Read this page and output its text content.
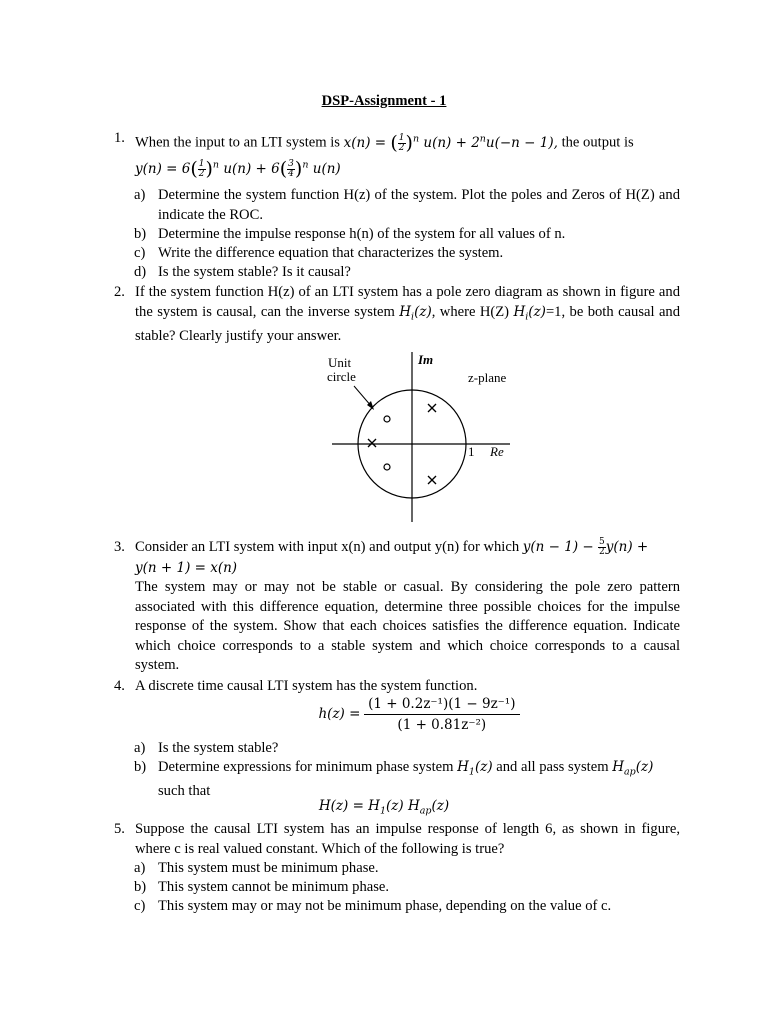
DSP-Assignment - 1
1. When the input to an LTI system is x(n) = ( $\frac{1}{2} )^n$ $u(n) + 2^nu(-n - 1)$, the output is
$y(n) = 6( \frac{1}{2} )^n$ $u(n) + 6( \frac{3}{4} )^n$ u(n)
a) Determine the system function H(z) of the system. Plot the poles and Zeros of H(Z) and indicate the ROC.
b) Determine the impulse response h(n) of the system for all values of n.
c) Write the difference equation that characterizes the system.
d) Is the system stable? Is it causal?
2. If the system function H(z) of an LTI system has a pole zero diagram as shown in figure and the system is causal, can the inverse system $H_i(z)$, where H(Z) $H_i(z)=1$, be both causal and stable? Clearly justify your answer.
Unit
circle
Im
z-plane
1 Re
3. Consider an LTI system with input x(n) and output y(n) for which $y(n - 1) - \frac{5}{2} y(n)$ +
y(n + 1) = x(n)
The system may or may not be stable or casual. By considering the pole zero pattern associated with this difference equation, determine three possible choices for the impulse response of the system. Show that each choices satisfies the difference equation. Indicate which choice corresponds to a stable system and which choice corresponds to a causal system.
4. A discrete time causal LTI system has the system function.
$h(z) = \frac{\text{(1 + 0.2z⁻¹)(1 − 9z⁻¹)}}{\text{(1 + 0.81z⁻²)}}$
a) Is the system stable?
b) Determine expressions for minimum phase system $H_1(z)$ and all pass system $H_{ap}(z)$
such that
$H(z) = H_1(z)$ $H_{ap}(z)$
5. Suppose the causal LTI system has an impulse response of length 6, as shown in figure, where c is real valued constant. Which of the following is true?
a) This system must be minimum phase.
b) This system cannot be minimum phase.
c) This system may or may not be minimum phase, depending on the value of c.
